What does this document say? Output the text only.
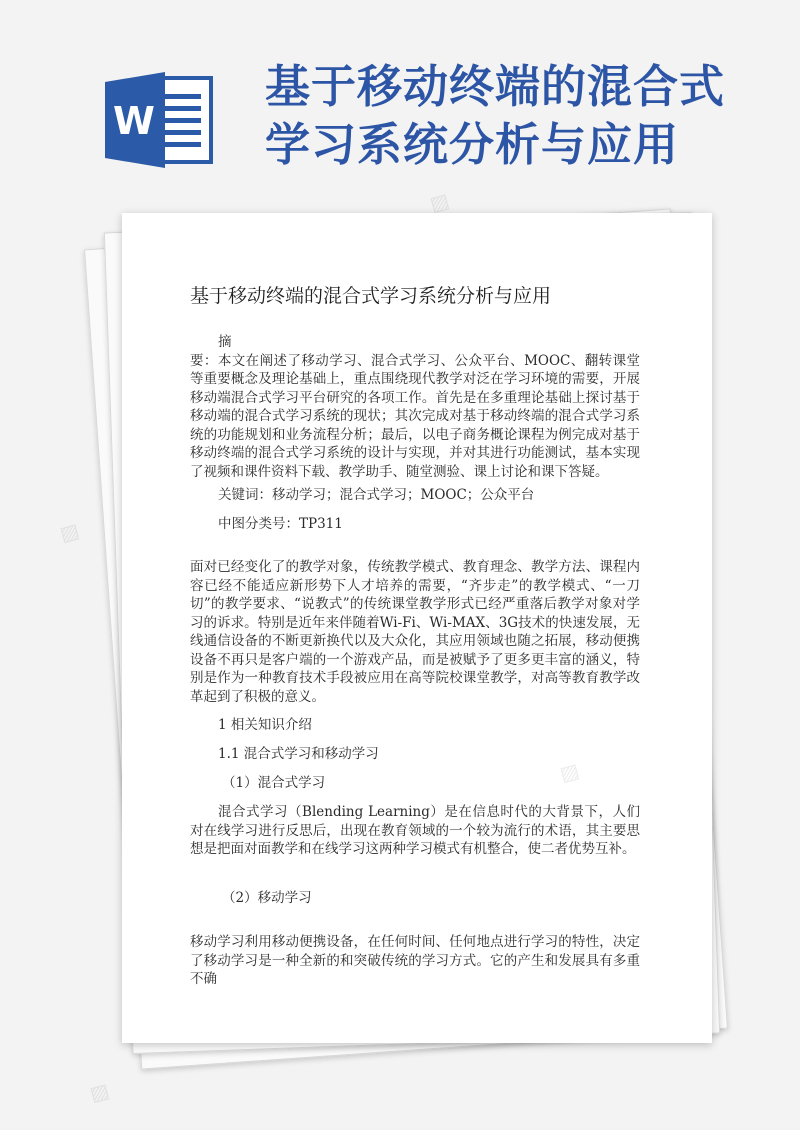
W
基于移动终端的混合式
学习系统分析与应用
基于移动终端的混合式学习系统分析与应用

摘

要：本文在阐述了移动学习、混合式学习、公众平台、MOOC、翻转课堂等重要概念及理论基础上，重点围绕现代教学对泛在学习环境的需要，开展移动端混合式学习平台研究的各项工作。首先是在多重理论基础上探讨基于移动端的混合式学习系统的现状；其次完成对基于移动终端的混合式学习系统的功能规划和业务流程分析；最后，以电子商务概论课程为例完成对基于移动终端的混合式学习系统的设计与实现，并对其进行功能测试，基本实现了视频和课件资料下载、教学助手、随堂测验、课上讨论和课下答疑。

关键词：移动学习；混合式学习；MOOC；公众平台

中图分类号：TP311

面对已经变化了的教学对象，传统教学模式、教育理念、教学方法、课程内容已经不能适应新形势下人才培养的需要，“齐步走”的教学模式、“一刀切”的教学要求、“说教式”的传统课堂教学形式已经严重落后教学对象对学习的诉求。特别是近年来伴随着Wi-Fi、Wi-MAX、3G技术的快速发展，无线通信设备的不断更新换代以及大众化，其应用领域也随之拓展，移动便携设备不再只是客户端的一个游戏产品，而是被赋予了更多更丰富的涵义，特别是作为一种教育技术手段被应用在高等院校课堂教学，对高等教育教学改革起到了积极的意义。

1 相关知识介绍

1.1 混合式学习和移动学习

（1）混合式学习

混合式学习（Blending Learning）是在信息时代的大背景下，人们对在线学习进行反思后，出现在教育领域的一个较为流行的术语，其主要思想是把面对面教学和在线学习这两种学习模式有机整合，使二者优势互补。

（2）移动学习

移动学习利用移动便携设备，在任何时间、任何地点进行学习的特性，决定了移动学习是一种全新的和突破传统的学习方式。它的产生和发展具有多重不确

▨
▨
▨
